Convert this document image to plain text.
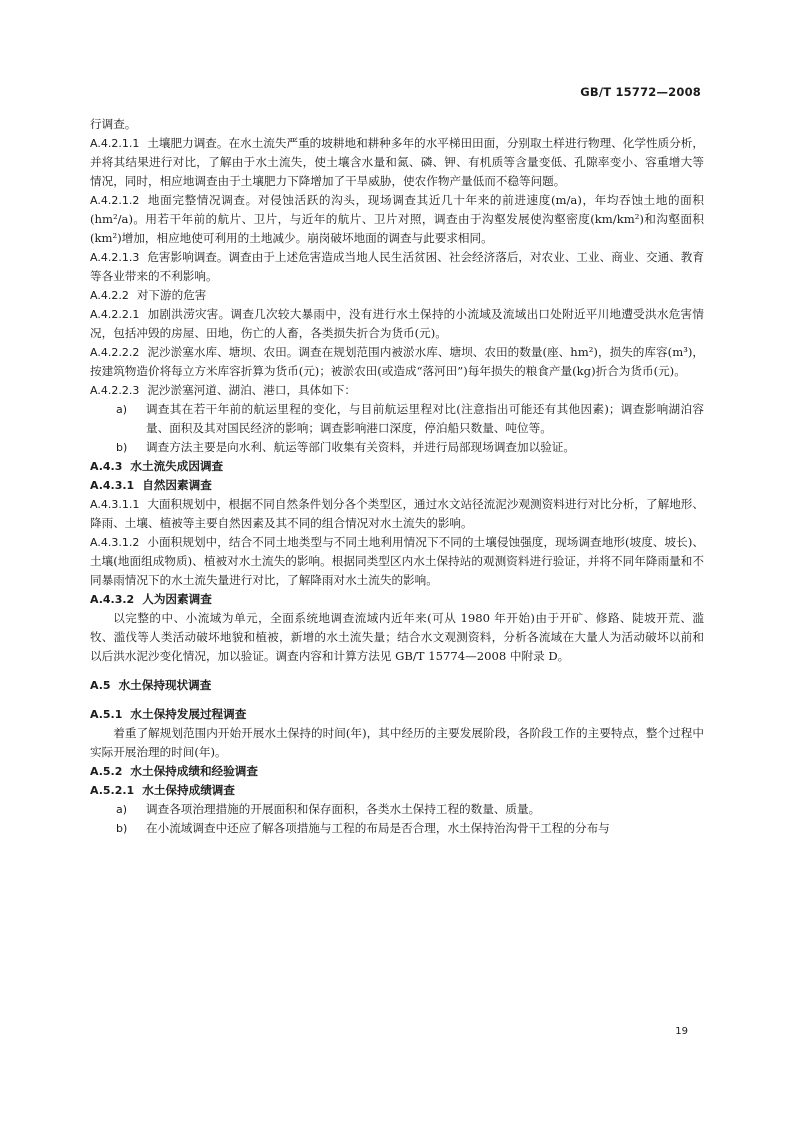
GB/T 15772—2008

行调查。

A.4.2.1.1 土壤肥力调查。在水土流失严重的坡耕地和耕种多年的水平梯田田面，分别取土样进行物理、化学性质分析，并将其结果进行对比，了解由于水土流失，使土壤含水量和氮、磷、钾、有机质等含量变低、孔隙率变小、容重增大等情况，同时，相应地调查由于土壤肥力下降增加了干旱威胁，使农作物产量低而不稳等问题。

A.4.2.1.2 地面完整情况调查。对侵蚀活跃的沟头，现场调查其近几十年来的前进速度(m/a)，年均吞蚀土地的面积(hm²/a)。用若干年前的航片、卫片，与近年的航片、卫片对照，调查由于沟壑发展使沟壑密度(km/km²)和沟壑面积(km²)增加，相应地使可利用的土地减少。崩岗破坏地面的调查与此要求相同。

A.4.2.1.3 危害影响调查。调查由于上述危害造成当地人民生活贫困、社会经济落后，对农业、工业、商业、交通、教育等各业带来的不利影响。

A.4.2.2 对下游的危害

A.4.2.2.1 加剧洪涝灾害。调查几次较大暴雨中，没有进行水土保持的小流域及流域出口处附近平川地遭受洪水危害情况，包括冲毁的房屋、田地，伤亡的人畜，各类损失折合为货币(元)。

A.4.2.2.2 泥沙淤塞水库、塘坝、农田。调查在规划范围内被淤水库、塘坝、农田的数量(座、hm²)，损失的库容(m³)，按建筑物造价将每立方米库容折算为货币(元)；被淤农田(或造成“落河田”)每年损失的粮食产量(kg)折合为货币(元)。

A.4.2.2.3 泥沙淤塞河道、湖泊、港口，具体如下：

a) 调查其在若干年前的航运里程的变化，与目前航运里程对比(注意指出可能还有其他因素)；调查影响湖泊容量、面积及其对国民经济的影响；调查影响港口深度，停泊船只数量、吨位等。

b) 调查方法主要是向水利、航运等部门收集有关资料，并进行局部现场调查加以验证。

A.4.3 水土流失成因调查

A.4.3.1 自然因素调查

A.4.3.1.1 大面积规划中，根据不同自然条件划分各个类型区，通过水文站径流泥沙观测资料进行对比分析，了解地形、降雨、土壤、植被等主要自然因素及其不同的组合情况对水土流失的影响。

A.4.3.1.2 小面积规划中，结合不同土地类型与不同土地利用情况下不同的土壤侵蚀强度，现场调查地形(坡度、坡长)、土壤(地面组成物质)、植被对水土流失的影响。根据同类型区内水土保持站的观测资料进行验证，并将不同年降雨量和不同暴雨情况下的水土流失量进行对比，了解降雨对水土流失的影响。

A.4.3.2 人为因素调查

以完整的中、小流域为单元，全面系统地调查流域内近年来(可从 1980 年开始)由于开矿、修路、陡坡开荒、滥牧、滥伐等人类活动破坏地貌和植被，新增的水土流失量；结合水文观测资料，分析各流域在大量人为活动破坏以前和以后洪水泥沙变化情况，加以验证。调查内容和计算方法见 GB/T 15774—2008 中附录 D。

A.5 水土保持现状调查

A.5.1 水土保持发展过程调查

着重了解规划范围内开始开展水土保持的时间(年)，其中经历的主要发展阶段，各阶段工作的主要特点，整个过程中实际开展治理的时间(年)。

A.5.2 水土保持成绩和经验调查

A.5.2.1 水土保持成绩调查

a) 调查各项治理措施的开展面积和保存面积，各类水土保持工程的数量、质量。

b) 在小流域调查中还应了解各项措施与工程的布局是否合理，水土保持治沟骨干工程的分布与

19
